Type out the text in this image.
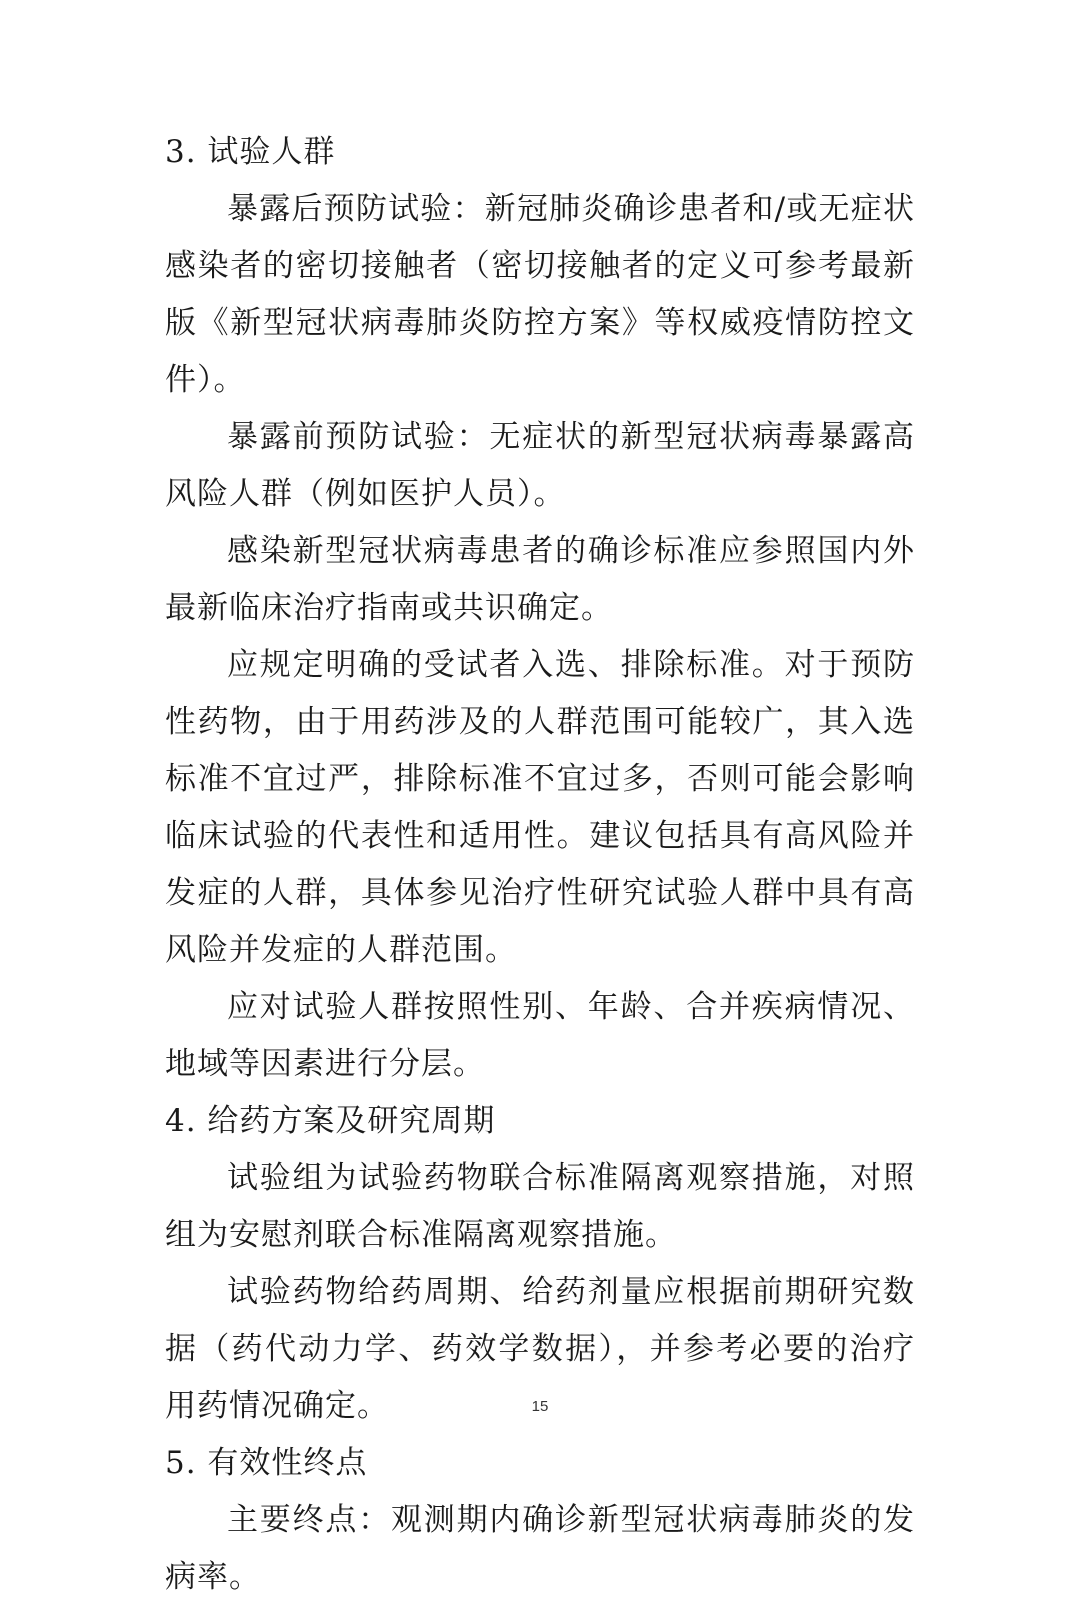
3. 试验人群

暴露后预防试验：新冠肺炎确诊患者和/或无症状感染者的密切接触者（密切接触者的定义可参考最新版《新型冠状病毒肺炎防控方案》等权威疫情防控文件）。

暴露前预防试验：无症状的新型冠状病毒暴露高风险人群（例如医护人员）。

感染新型冠状病毒患者的确诊标准应参照国内外最新临床治疗指南或共识确定。

应规定明确的受试者入选、排除标准。对于预防性药物，由于用药涉及的人群范围可能较广，其入选标准不宜过严，排除标准不宜过多，否则可能会影响临床试验的代表性和适用性。建议包括具有高风险并发症的人群，具体参见治疗性研究试验人群中具有高风险并发症的人群范围。

应对试验人群按照性别、年龄、合并疾病情况、地域等因素进行分层。

4. 给药方案及研究周期

试验组为试验药物联合标准隔离观察措施，对照组为安慰剂联合标准隔离观察措施。

试验药物给药周期、给药剂量应根据前期研究数据（药代动力学、药效学数据），并参考必要的治疗用药情况确定。

5. 有效性终点

主要终点：观测期内确诊新型冠状病毒肺炎的发病率。

15
